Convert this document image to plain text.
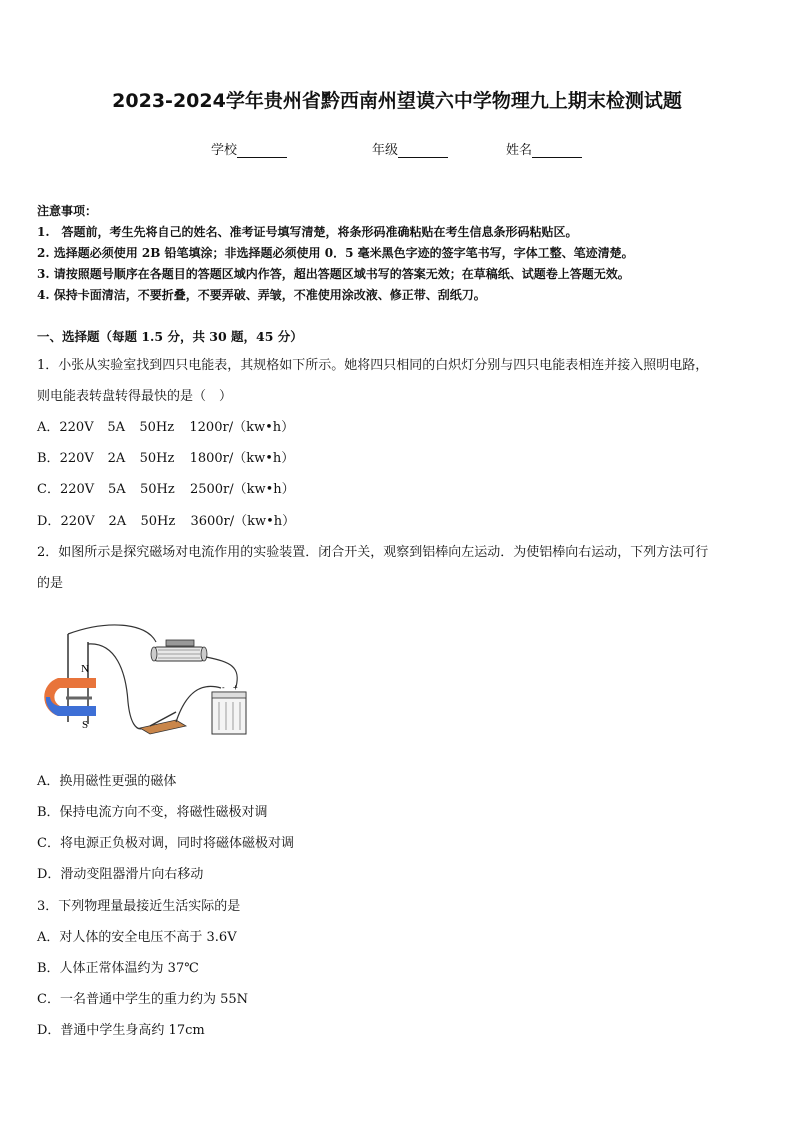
2023-2024学年贵州省黔西南州望谟六中学物理九上期末检测试题
学校	年级	姓名
注意事项：
1.　答题前，考生先将自己的姓名、准考证号填写清楚，将条形码准确粘贴在考生信息条形码粘贴区。
2. 选择题必须使用 2B 铅笔填涂；非选择题必须使用 0．5 毫米黑色字迹的签字笔书写，字体工整、笔迹清楚。
3. 请按照题号顺序在各题目的答题区域内作答，超出答题区域书写的答案无效；在草稿纸、试题卷上答题无效。
4. 保持卡面清洁，不要折叠，不要弄破、弄皱，不准使用涂改液、修正带、刮纸刀。
一、选择题（每题 1.5 分，共 30 题，45 分）
1．小张从实验室找到四只电能表，其规格如下所示。她将四只相同的白炽灯分别与四只电能表相连并接入照明电路，
则电能表转盘转得最快的是（　）
A．220V 5A 50Hz 1200r/（kw•h）
B．220V 2A 50Hz 1800r/（kw•h）
C．220V 5A 50Hz 2500r/（kw•h）
D．220V 2A 50Hz 3600r/（kw•h）
2．如图所示是探究磁场对电流作用的实验装置．闭合开关，观察到铝棒向左运动．为使铝棒向右运动，下列方法可行
的是
N
S
- +
A．换用磁性更强的磁体
B．保持电流方向不变，将磁性磁极对调
C．将电源正负极对调，同时将磁体磁极对调
D．滑动变阻器滑片向右移动
3．下列物理量最接近生活实际的是
A．对人体的安全电压不高于 3.6V
B．人体正常体温约为 37℃
C．一名普通中学生的重力约为 55N
D．普通中学生身高约 17cm
